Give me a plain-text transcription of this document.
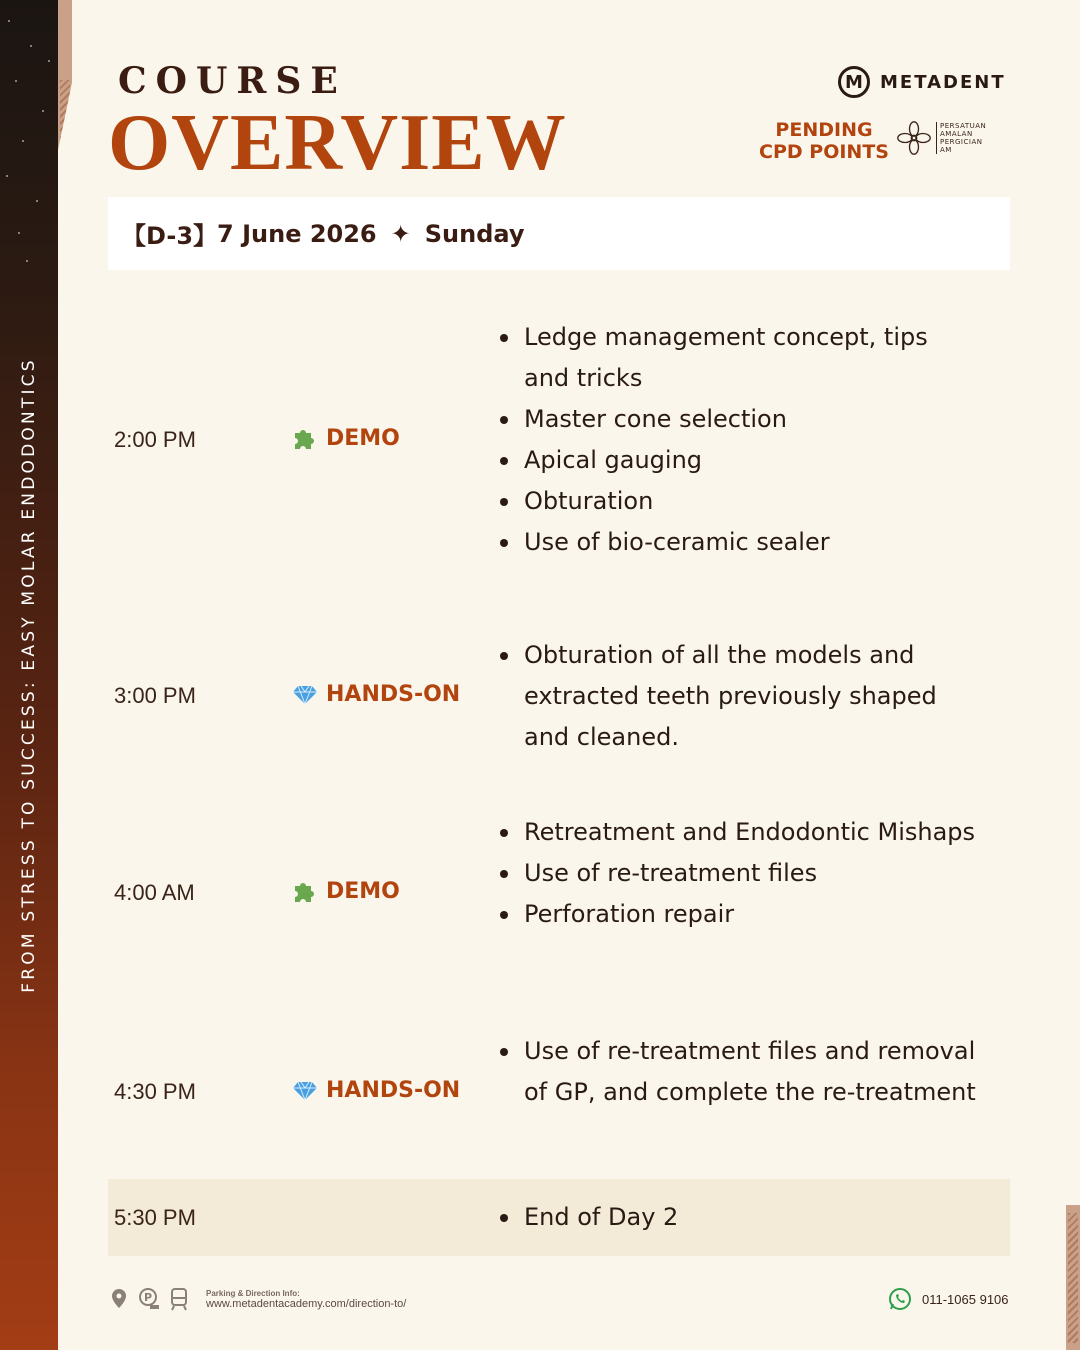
FROM STRESS TO SUCCESS: EASY MOLAR ENDODONTICS
COURSE
OVERVIEW
M METADENT
PENDING
CPD POINTS
PERSATUAN
AMALAN
PERGICIAN
AM
【D-3】 7 June 2026 ✦ Sunday
2:00 PM	DEMO
Ledge management concept, tips and tricks
Master cone selection
Apical gauging
Obturation
Use of bio-ceramic sealer
3:00 PM	HANDS-ON
Obturation of all the models and extracted teeth previously shaped and cleaned.
4:00 AM	DEMO
Retreatment and Endodontic Mishaps
Use of re-treatment files
Perforation repair
4:30 PM	HANDS-ON
Use of re-treatment files and removal of GP, and complete the re-treatment
5:30 PM	End of Day 2
P	Parking & Direction Info:
www.metadentacademy.com/direction-to/	011-1065 9106
